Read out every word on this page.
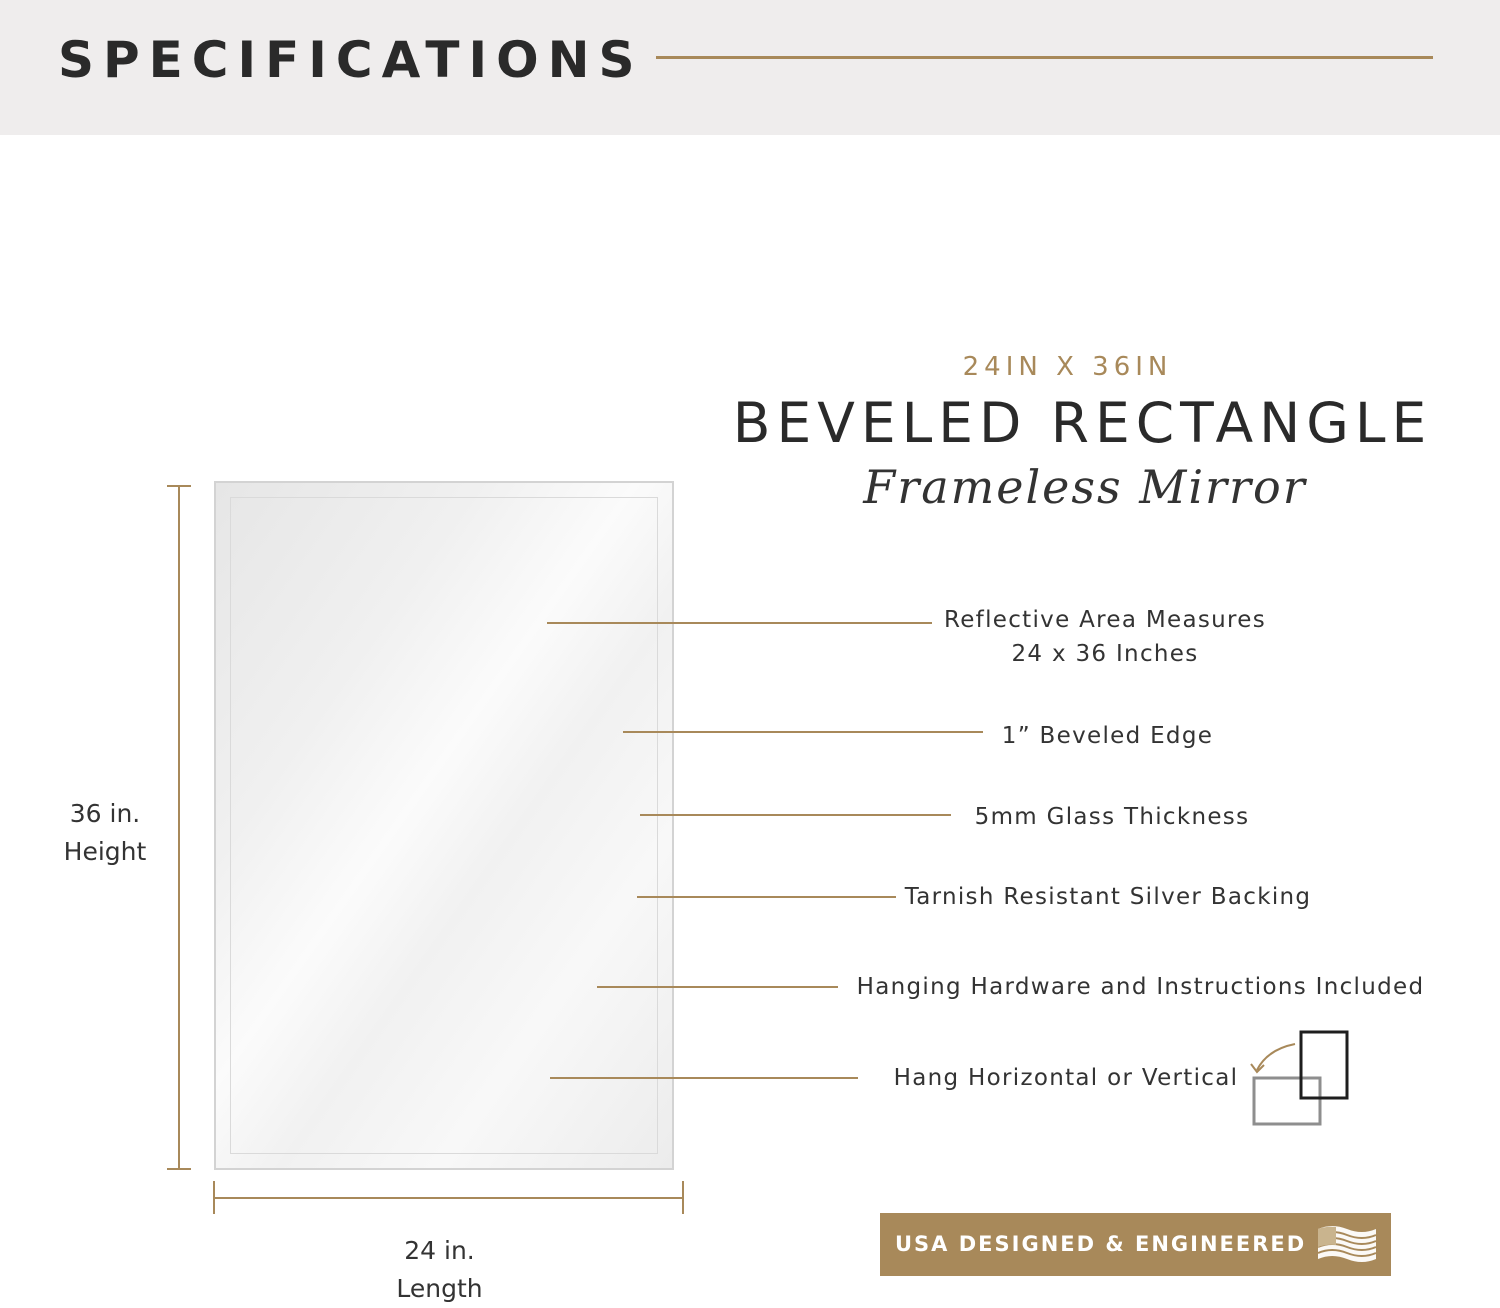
SPECIFICATIONS
24IN X 36IN
BEVELED RECTANGLE
Frameless Mirror
36 in.
Height
24 in.
Length
Reflective Area Measures
24 x 36 Inches
1” Beveled Edge
5mm Glass Thickness
Tarnish Resistant Silver Backing
Hanging Hardware and Instructions Included
Hang Horizontal or Vertical
USA DESIGNED & ENGINEERED
